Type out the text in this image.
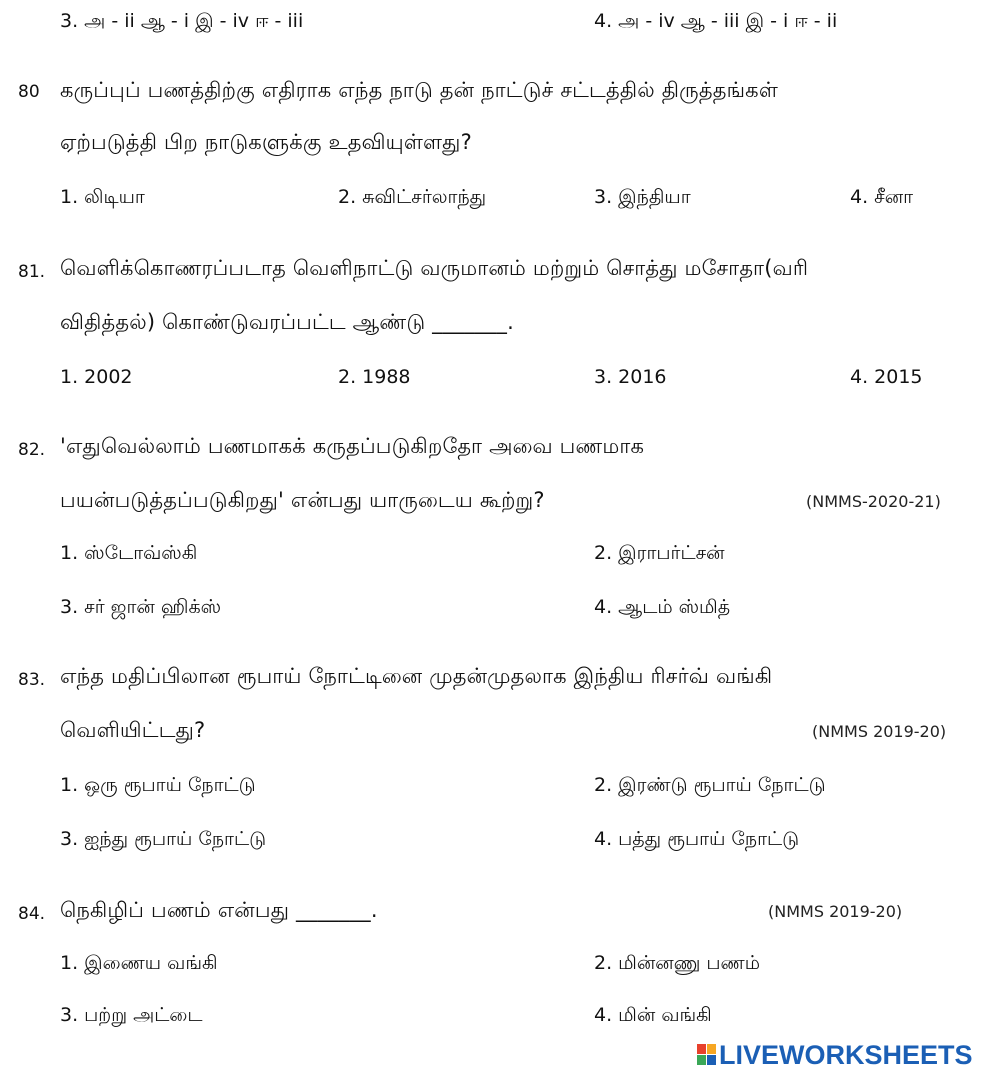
3. அ - ii ஆ - i இ - iv ஈ - iii	4. அ - iv ஆ - iii இ - i ஈ - ii
80 கருப்புப் பணத்திற்கு எதிராக எந்த நாடு தன் நாட்டுச் சட்டத்தில் திருத்தங்கள்
ஏற்படுத்தி பிற நாடுகளுக்கு உதவியுள்ளது?
1. லிடியா	2. சுவிட்சர்லாந்து	3. இந்தியா	4. சீனா
81. வெளிக்கொணரப்படாத வெளிநாட்டு வருமானம் மற்றும் சொத்து மசோதா(வரி
விதித்தல்) கொண்டுவரப்பட்ட ஆண்டு _______.
1. 2002	2. 1988	3. 2016	4. 2015
82. 'எதுவெல்லாம் பணமாகக் கருதப்படுகிறதோ அவை பணமாக
பயன்படுத்தப்படுகிறது' என்பது யாருடைய கூற்று?	(NMMS-2020-21)
1. ஸ்டோவ்ஸ்கி	2. இராபர்ட்சன்
3. சர் ஜான் ஹிக்ஸ்	4. ஆடம் ஸ்மித்
83. எந்த மதிப்பிலான ரூபாய் நோட்டினை முதன்முதலாக இந்திய ரிசர்வ் வங்கி
வெளியிட்டது?	(NMMS 2019-20)
1. ஒரு ரூபாய் நோட்டு	2. இரண்டு ரூபாய் நோட்டு
3. ஐந்து ரூபாய் நோட்டு	4. பத்து ரூபாய் நோட்டு
84. நெகிழிப் பணம் என்பது _______.	(NMMS 2019-20)
1. இணைய வங்கி	2. மின்னணு பணம்
3. பற்று அட்டை	4. மின் வங்கி
LIVEWORKSHEETS
